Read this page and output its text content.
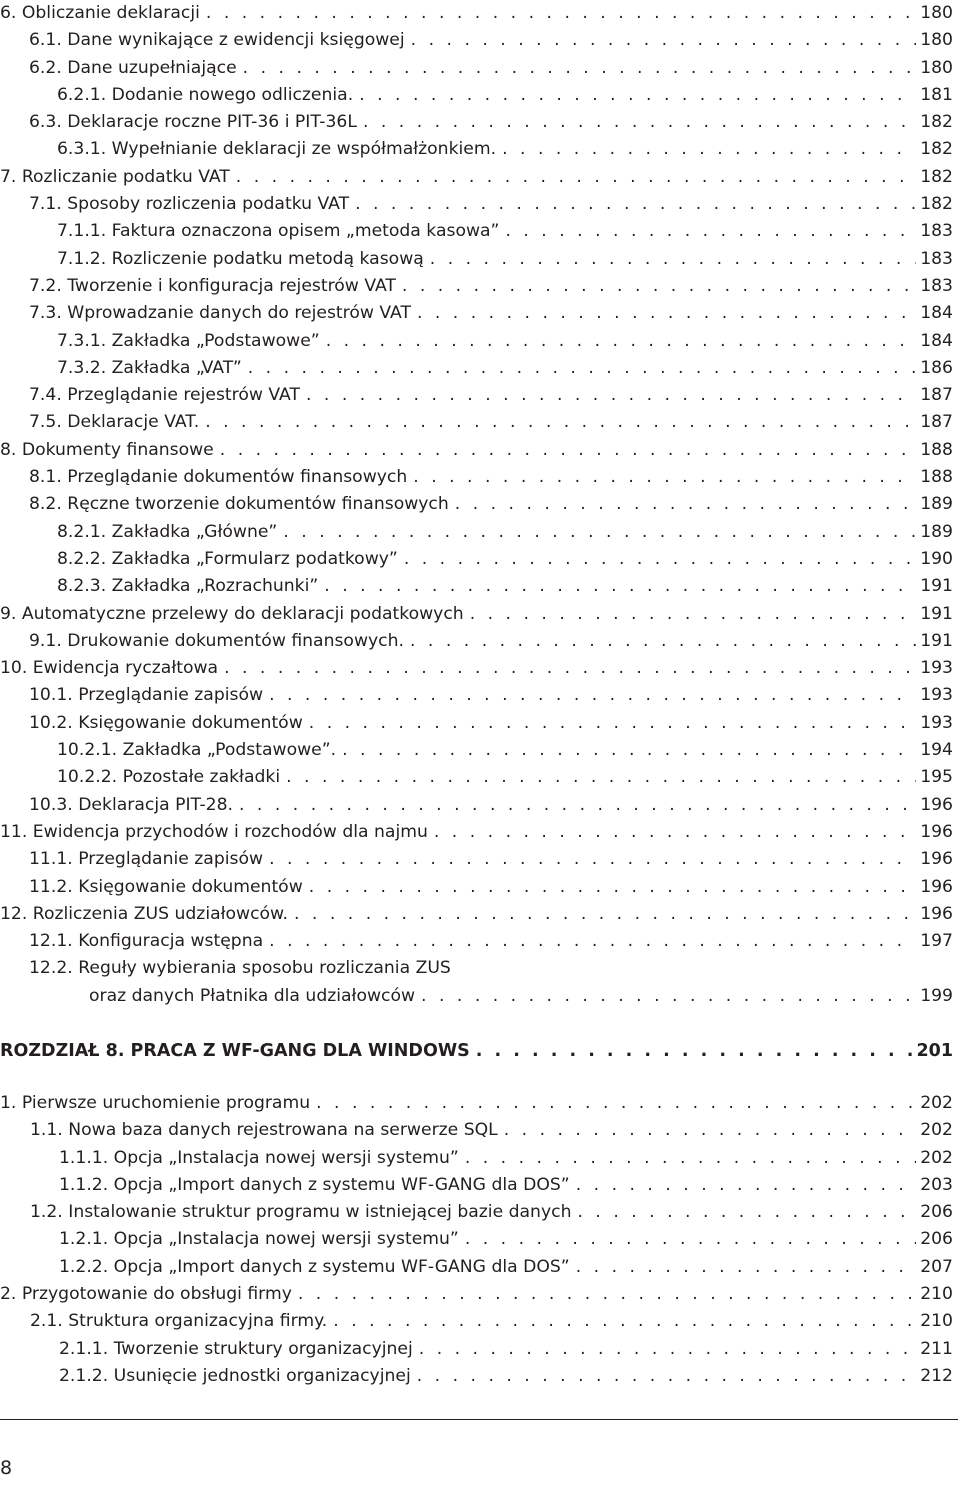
6. Obliczanie deklaracji . . .	180
6.1. Dane wynikające z ewidencji księgowej . . .	180
6.2. Dane uzupełniające . . .	180
6.2.1. Dodanie nowego odliczenia. . . .	181
6.3. Deklaracje roczne PIT-36 i PIT-36L . . .	182
6.3.1. Wypełnianie deklaracji ze współmałżonkiem. . . .	182
7. Rozliczanie podatku VAT . . .	182
7.1. Sposoby rozliczenia podatku VAT . . .	182
7.1.1. Faktura oznaczona opisem „metoda kasowa” . . .	183
7.1.2. Rozliczenie podatku metodą kasową . . .	183
7.2. Tworzenie i konfiguracja rejestrów VAT . . .	183
7.3. Wprowadzanie danych do rejestrów VAT . . .	184
7.3.1. Zakładka „Podstawowe” . . .	184
7.3.2. Zakładka „VAT” . . .	186
7.4. Przeglądanie rejestrów VAT . . .	187
7.5. Deklaracje VAT. . . .	187
8. Dokumenty finansowe . . .	188
8.1. Przeglądanie dokumentów finansowych . . .	188
8.2. Ręczne tworzenie dokumentów finansowych . . .	189
8.2.1. Zakładka „Główne” . . .	189
8.2.2. Zakładka „Formularz podatkowy” . . .	190
8.2.3. Zakładka „Rozrachunki” . . .	191
9. Automatyczne przelewy do deklaracji podatkowych . . .	191
9.1. Drukowanie dokumentów finansowych. . . .	191
10. Ewidencja ryczałtowa . . .	193
10.1. Przeglądanie zapisów . . .	193
10.2. Księgowanie dokumentów . . .	193
10.2.1. Zakładka „Podstawowe”. . . .	194
10.2.2. Pozostałe zakładki . . .	195
10.3. Deklaracja PIT-28. . . .	196
11. Ewidencja przychodów i rozchodów dla najmu . . .	196
11.1. Przeglądanie zapisów . . .	196
11.2. Księgowanie dokumentów . . .	196
12. Rozliczenia ZUS udziałowców. . . .	196
12.1. Konfiguracja wstępna . . .	197
12.2. Reguły wybierania sposobu rozliczania ZUS
oraz danych Płatnika dla udziałowców . . .	199
ROZDZIAŁ 8. PRACA Z WF-GANG DLA WINDOWS . . .	201
1. Pierwsze uruchomienie programu . . .	202
1.1. Nowa baza danych rejestrowana na serwerze SQL . . .	202
1.1.1. Opcja „Instalacja nowej wersji systemu” . . .	202
1.1.2. Opcja „Import danych z systemu WF-GANG dla DOS” . . .	203
1.2. Instalowanie struktur programu w istniejącej bazie danych . . .	206
1.2.1. Opcja „Instalacja nowej wersji systemu” . . .	206
1.2.2. Opcja „Import danych z systemu WF-GANG dla DOS” . . .	207
2. Przygotowanie do obsługi firmy . . .	210
2.1. Struktura organizacyjna firmy. . . .	210
2.1.1. Tworzenie struktury organizacyjnej . . .	211
2.1.2. Usunięcie jednostki organizacyjnej . . .	212
8
